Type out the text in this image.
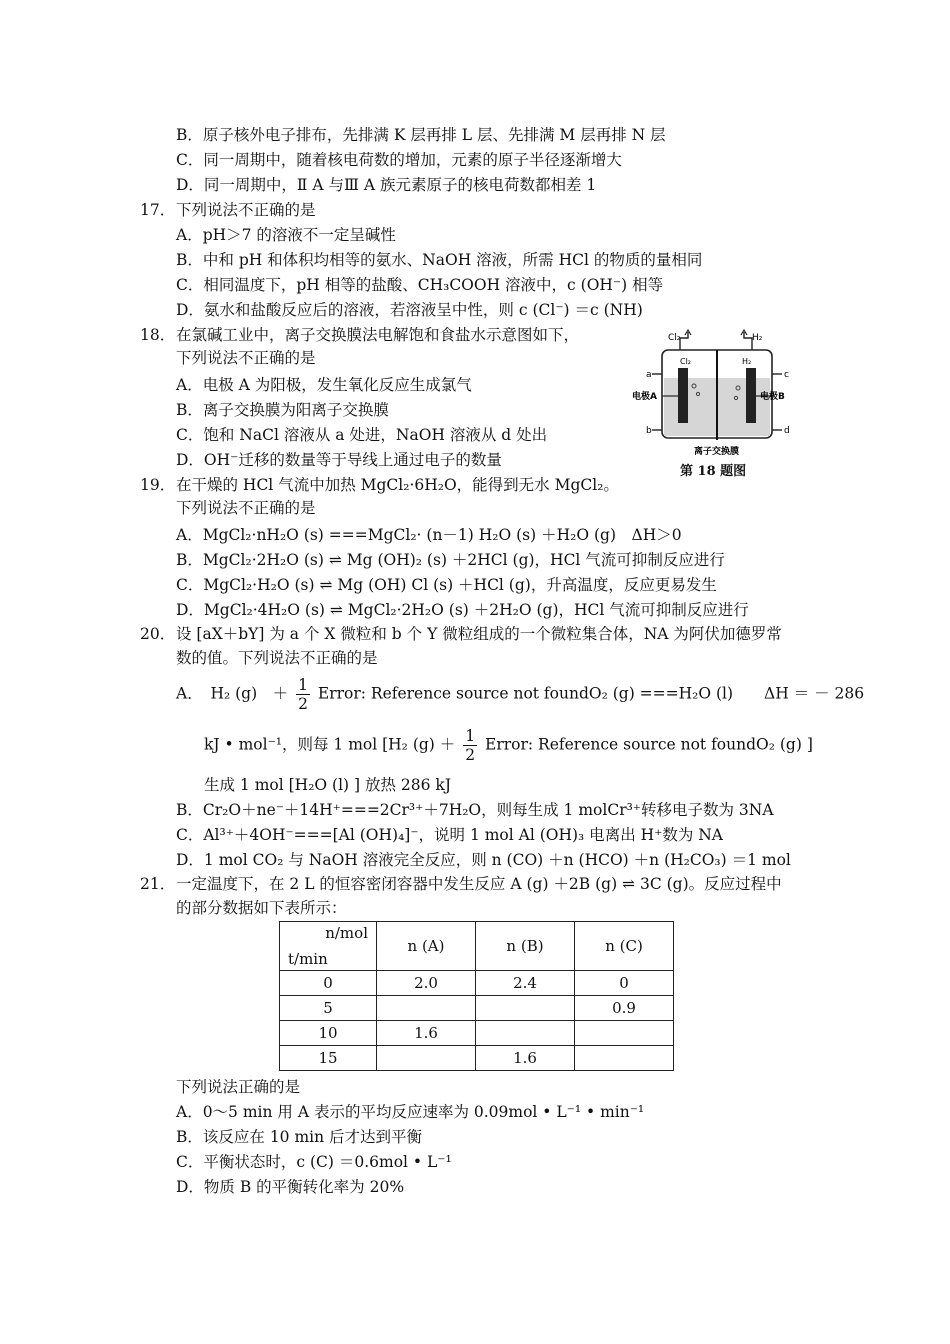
B．原子核外电子排布，先排满 K 层再排 L 层、先排满 M 层再排 N 层
C．同一周期中，随着核电荷数的增加，元素的原子半径逐渐增大
D．同一周期中，Ⅱ A 与Ⅲ A 族元素原子的核电荷数都相差 1
17． 下列说法不正确的是
A．pH＞7 的溶液不一定呈碱性
B．中和 pH 和体积均相等的氨水、NaOH 溶液，所需 HCl 的物质的量相同
C．相同温度下，pH 相等的盐酸、CH₃COOH 溶液中，c (OH⁻) 相等
D．氨水和盐酸反应后的溶液，若溶液呈中性，则 c (Cl⁻) ＝c (NH)
18． 在氯碱工业中，离子交换膜法电解饱和食盐水示意图如下，
下列说法不正确的是
A．电极 A 为阳极，发生氧化反应生成氯气
B．离子交换膜为阳离子交换膜
C．饱和 NaCl 溶液从 a 处进，NaOH 溶液从 d 处出
D．OH⁻迁移的数量等于导线上通过电子的数量
Cl₂	H₂
Cl₂	H₂
a	c
b	d
电极A	电极B
离子交换膜
第 18 题图
19． 在干燥的 HCl 气流中加热 MgCl₂·6H₂O，能得到无水 MgCl₂。
下列说法不正确的是
A．MgCl₂·nH₂O (s) ===MgCl₂· (n－1) H₂O (s) ＋H₂O (g)　ΔH＞0
B．MgCl₂·2H₂O (s) ⇌ Mg (OH)₂ (s) ＋2HCl (g)，HCl 气流可抑制反应进行
C．MgCl₂·H₂O (s) ⇌ Mg (OH) Cl (s) ＋HCl (g)，升高温度，反应更易发生
D．MgCl₂·4H₂O (s) ⇌ MgCl₂·2H₂O (s) ＋2H₂O (g)，HCl 气流可抑制反应进行
20． 设 [aX＋bY] 为 a 个 X 微粒和 b 个 Y 微粒组成的一个微粒集合体，NA 为阿伏加德罗常
数的值。下列说法不正确的是
A．　H₂ (g)　＋ $\frac{1}{2}$ Error: Reference source not foundO₂ (g) ===H₂O (l)　　ΔH ＝ － 286
kJ • mol⁻¹，则每 1 mol [H₂ $(g) + \frac{1}{2}$ Error: Reference source not foundO₂ (g) ]
生成 1 mol [H₂O (l) ] 放热 286 kJ
B．Cr₂O＋ne⁻＋14H⁺===2Cr³⁺＋7H₂O，则每生成 1 molCr³⁺转移电子数为 3NA
C．Al³⁺＋4OH⁻===[Al (OH)₄]⁻，说明 1 mol Al (OH)₃ 电离出 H⁺数为 NA
D．1 mol CO₂ 与 NaOH 溶液完全反应，则 n (CO) ＋n (HCO) ＋n (H₂CO₃) ＝1 mol
21． 一定温度下，在 2 L 的恒容密闭容器中发生反应 A (g) ＋2B (g) ⇌ 3C (g)。反应过程中
的部分数据如下表所示：
n/mol
t/min	n (A)	n (B)	n (C)
0	2.0	2.4	0
5			0.9
10	1.6		
15		1.6	
下列说法正确的是
A．0～5 min 用 A 表示的平均反应速率为 0.09mol • L⁻¹ • min⁻¹
B．该反应在 10 min 后才达到平衡
C．平衡状态时，c (C) ＝0.6mol • L⁻¹
D．物质 B 的平衡转化率为 20%
